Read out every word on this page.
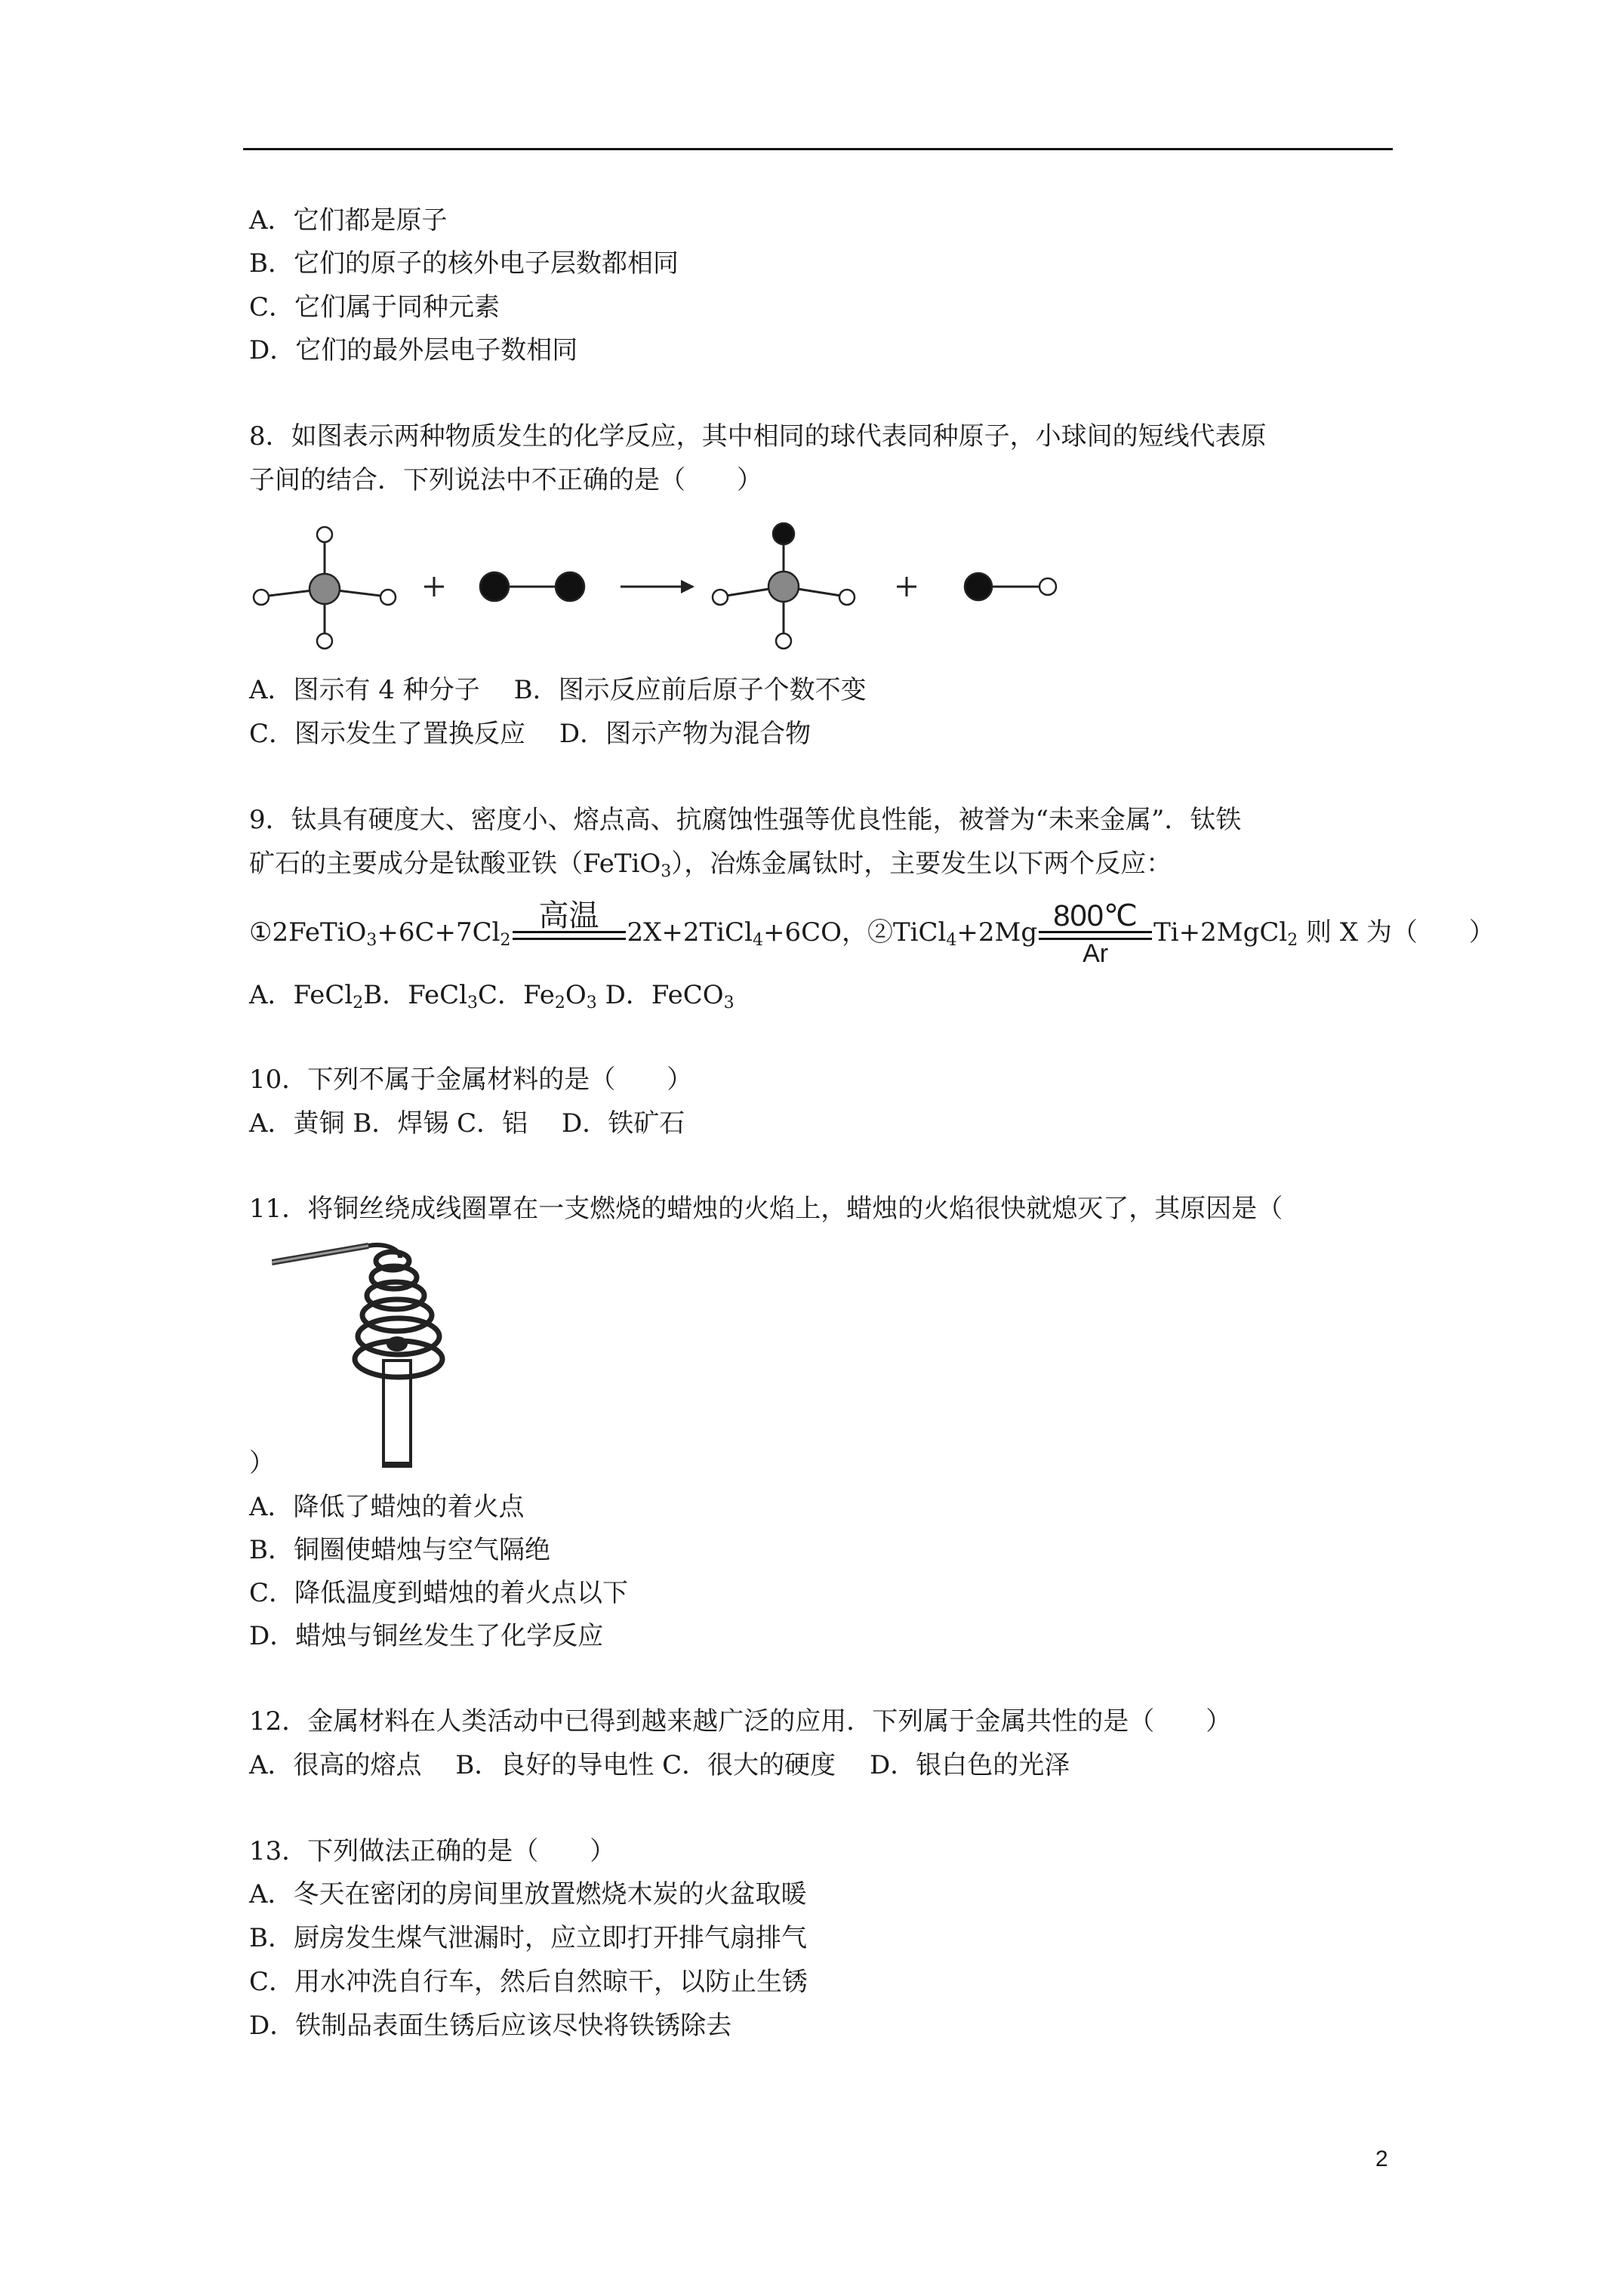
A．它们都是原子
B．它们的原子的核外电子层数都相同
C．它们属于同种元素
D．它们的最外层电子数相同
8．如图表示两种物质发生的化学反应，其中相同的球代表同种原子，小球间的短线代表原
子间的结合．下列说法中不正确的是（　　）
A．图示有 4 种分子　 B．图示反应前后原子个数不变
C．图示发生了置换反应　 D．图示产物为混合物
9．钛具有硬度大、密度小、熔点高、抗腐蚀性强等优良性能，被誉为“未来金属”．钛铁
矿石的主要成分是钛酸亚铁（FeTiO$_3$），冶炼金属钛时，主要发生以下两个反应：
$①2FeTiO_3+6C+7Cl_2$
高温	2X+2TiCl$_4$+6CO，②TiCl$_4$+2Mg 800℃
Ar
Ti+2MgCl$_2$ 则 X 为（　　）
A．FeCl$_2$B．FeCl$_3$C．$Fe_2O_3$ D．FeCO$_3$
10．下列不属于金属材料的是（　　）
A．黄铜 B．焊锡 C．铝　 D．铁矿石
11．将铜丝绕成线圈罩在一支燃烧的蜡烛的火焰上，蜡烛的火焰很快就熄灭了，其原因是（
）
A．降低了蜡烛的着火点
B．铜圈使蜡烛与空气隔绝
C．降低温度到蜡烛的着火点以下
D．蜡烛与铜丝发生了化学反应
12．金属材料在人类活动中已得到越来越广泛的应用．下列属于金属共性的是（　　）
A．很高的熔点　 B．良好的导电性 C．很大的硬度　 D．银白色的光泽
13．下列做法正确的是（　　）
A．冬天在密闭的房间里放置燃烧木炭的火盆取暖
B．厨房发生煤气泄漏时，应立即打开排气扇排气
C．用水冲洗自行车，然后自然晾干，以防止生锈
D．铁制品表面生锈后应该尽快将铁锈除去
2
